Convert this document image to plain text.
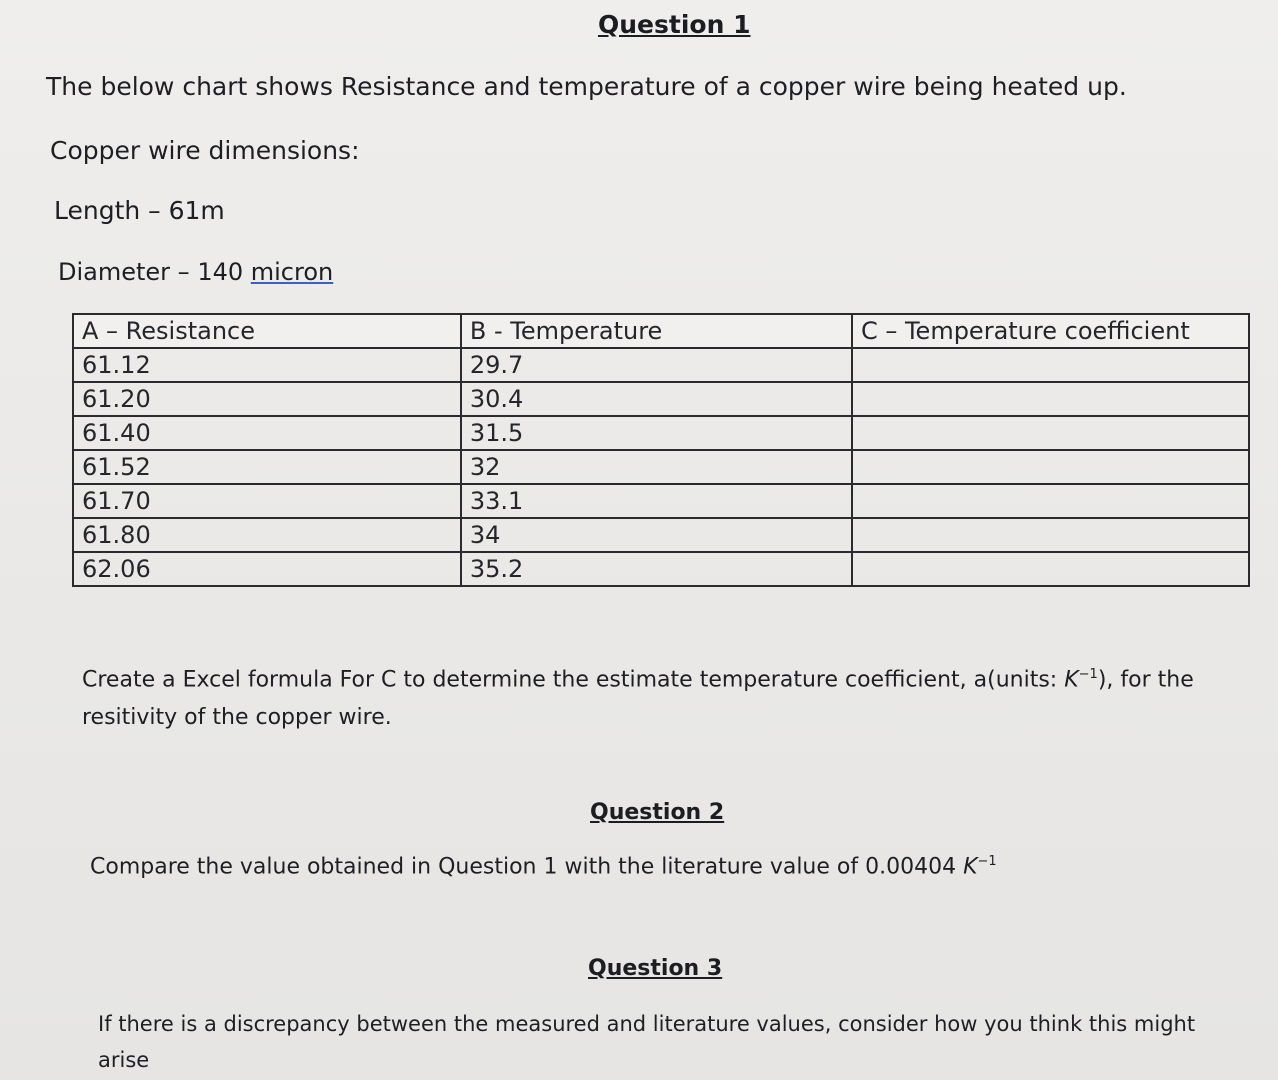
Question 1
The below chart shows Resistance and temperature of a copper wire being heated up.
Copper wire dimensions:
Length – 61m
Diameter – 140 micron
A – Resistance	B - Temperature	C – Temperature coefficient
61.12	29.7	
61.20	30.4	
61.40	31.5	
61.52	32	
61.70	33.1	
61.80	34	
62.06	35.2	
Create a Excel formula For C to determine the estimate temperature coefficient, a(units: $K^{-1}$), for the resitivity of the copper wire.
Question 2
Compare the value obtained in Question 1 with the literature value of 0.00404 $K^{-1}$
Question 3
If there is a discrepancy between the measured and literature values, consider how you think this might arise
